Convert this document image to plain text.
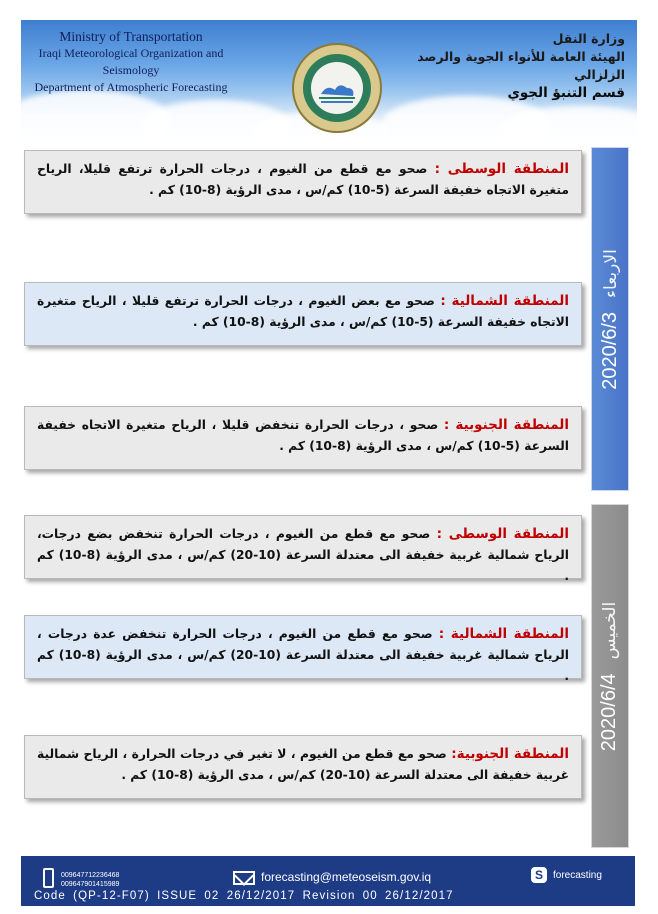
Ministry of Transportation
Iraqi Meteorological Organization and Seismology
Department of Atmospheric Forecasting
وزارة النقل
الهيئة العامة للأنواء الجوية والرصد الزلزالي
قسم التنبؤ الجوي
2020/6/3
الاربعاء
المنطقة الوسطى : صحو مع قطع من الغيوم ، درجات الحرارة ترتفع قليلا، الرياح متغيرة الاتجاه خفيفة السرعة (5-10) كم/س ، مدى الرؤية (8-10) كم .
المنطقة الشمالية : صحو مع بعض الغيوم ، درجات الحرارة ترتفع قليلا ، الرياح متغيرة الاتجاه خفيفة السرعة (5-10) كم/س ، مدى الرؤية (8-10) كم .
المنطقة الجنوبية : صحو ، درجات الحرارة تنخفض قليلا ، الرياح متغيرة الاتجاه خفيفة السرعة (5-10) كم/س ، مدى الرؤية (8-10) كم .
2020/6/4
الخميس
المنطقة الوسطى : صحو مع قطع من الغيوم ، درجات الحرارة تنخفض بضع درجات، الرياح شمالية غربية خفيفة الى معتدلة السرعة (10-20) كم/س ، مدى الرؤية (8-10) كم .
المنطقة الشمالية : صحو مع قطع من الغيوم ، درجات الحرارة تنخفض عدة درجات ، الرياح شمالية غربية خفيفة الى معتدلة السرعة (10-20) كم/س ، مدى الرؤية (8-10) كم .
المنطقة الجنوبية: صحو مع قطع من الغيوم ، لا تغير في درجات الحرارة ، الرياح شمالية غربية خفيفة الى معتدلة السرعة (10-20) كم/س ، مدى الرؤية (8-10) كم .
009647712236468
009647901415989
forecasting@meteoseism.gov.iq	S	forecasting
Code (QP-12-F07) ISSUE 02 26/12/2017 Revision 00 26/12/2017
